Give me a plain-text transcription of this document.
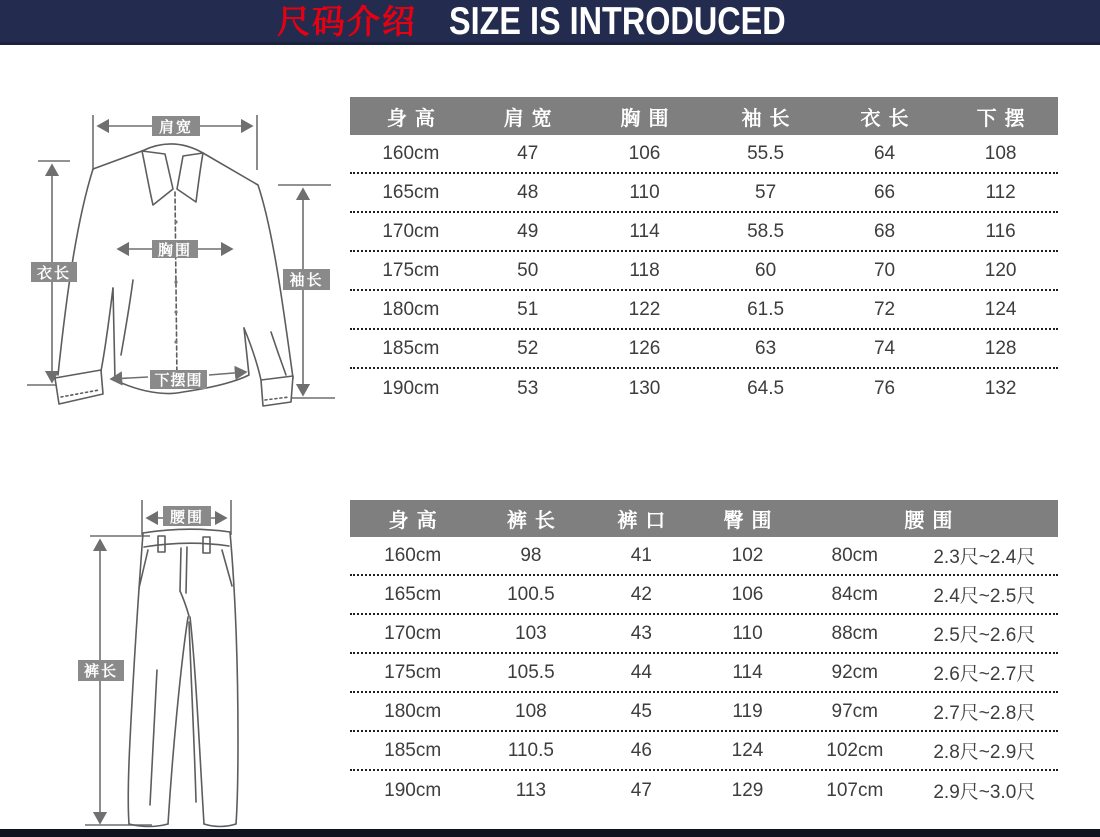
尺码介绍 SIZE IS INTRODUCED
肩宽
胸围
衣长	袖长
下摆围
身高	肩宽	胸围	袖长	衣长	下摆
160cm	47	106	55.5	64	108
165cm	48	110	57	66	112
170cm	49	114	58.5	68	116
175cm	50	118	60	70	120
180cm	51	122	61.5	72	124
185cm	52	126	63	74	128
190cm	53	130	64.5	76	132
腰围
裤长
身高	裤长	裤口	臀围	腰围
160cm	98	41	102	80cm	2.3尺~2.4尺
165cm	100.5	42	106	84cm	2.4尺~2.5尺
170cm	103	43	110	88cm	2.5尺~2.6尺
175cm	105.5	44	114	92cm	2.6尺~2.7尺
180cm	108	45	119	97cm	2.7尺~2.8尺
185cm	110.5	46	124	102cm	2.8尺~2.9尺
190cm	113	47	129	107cm	2.9尺~3.0尺
